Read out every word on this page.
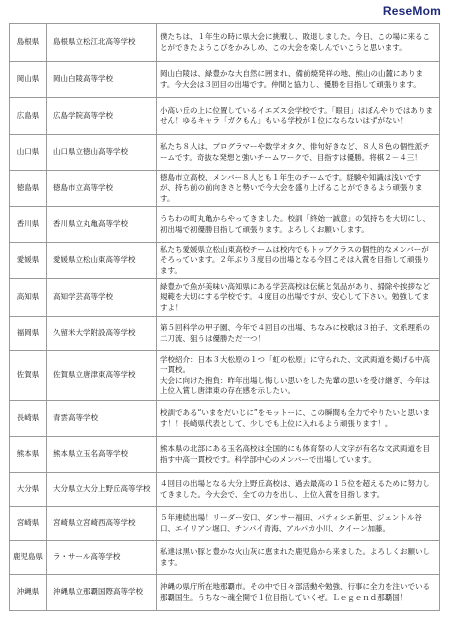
ReseMom
島根県	島根県立松江北高等学校	僕たちは、１年生の時に県大会に挑戦し、敗退しました。今日、この場に来ることができたようこびをかみしめ、この大会を楽しんでいこうと思います。
岡山県	岡山白陵高等学校	岡山白陵は、緑豊かな大自然に囲まれ、備前焼発祥の地、熊山の山麓にあります。今大会は３回目の出場です。仲間と協力し、優勝を目指して頑張ります。
広島県	広島学院高等学校	小高い丘の上に位置しているイエズス会学校です。「眼目」はぼんやりではありません！ゆるキャラ「ガクもん」もいる学校が１位にならないはずがない！
山口県	山口県立徳山高等学校	私たち８人は、プログラマーや数学オタク、俳句好きなど、８人８色の個性派チームです。奇抜な発想と強いチームワークで、目指すは優勝。将棋２－４三！
徳島県	徳島市立高等学校	徳島市立高校、メンバー８人とも１年生のチームです。経験や知識は浅いですが、持ち前の前向きさと勢いで今大会を盛り上げることができるよう頑張ります。
香川県	香川県立丸亀高等学校	うちわの町丸亀からやってきました。校訓「終始一誠意」の気持ちを大切にし、初出場で初優勝目指して頑張ります。よろしくお願いします。
愛媛県	愛媛県立松山東高等学校	私たち愛媛県立松山東高校チームは校内でもトップクラスの個性的なメンバーがそろっています。２年ぶり３度目の出場となる今回こそは入賞を目指して頑張ります。
高知県	高知学芸高等学校	緑豊かで魚が美味い高知県にある学芸高校は伝統と気品があり、掃除や挨拶など規範を大切にする学校です。４度目の出場ですが、安心して下さい。勉強してますよ！
福岡県	久留米大学附設高等学校	第５回科学の甲子園、今年で４回目の出場、ちなみに校歌は３拍子、文系理系の二刀流、狙うは優勝ただ一つ！
佐賀県	佐賀県立唐津東高等学校	学校紹介：日本３大松原の１つ「虹の松原」に守られた、文武両道を掲げる中高一貫校。
大会に向けた抱負：昨年出場し悔しい思いをした先輩の思いを受け継ぎ、今年は上位入賞し唐津東の存在感を示したい。
長崎県	青雲高等学校	校訓である“いまをだいじに”をモットーに、この瞬間も全力でやりたいと思います！！長崎県代表として、少しでも上位に入れるよう頑張ります！。
熊本県	熊本県立玉名高等学校	熊本県の北部にある玉名高校は全国的にも体育祭の人文字が有名な文武両道を目指す中高一貫校です。科学部中心のメンバーで出場しています。
大分県	大分県立大分上野丘高等学校	４回目の出場となる大分上野丘高校は、過去最高の１５位を超えるために努力してきました。今大会で、全ての力を出し、上位入賞を目指します。
宮崎県	宮崎県立宮崎西高等学校	５年連続出場！リーダー安口、ダンサー福田、パティシエ新里、ジェントル谷口、エイリアン堀口、チンパイ青海、アルパカ小川、クイーン加藤。
鹿児島県	ラ・サール高等学校	私達は黒い豚と豊かな火山灰に恵まれた鹿児島から来ました。よろしくお願いします。
沖縄県	沖縄県立那覇国際高等学校	沖縄の県庁所在地那覇市。その中で日々部活動や勉強、行事に全力を注いでいる那覇国生。うちな～魂全開で１位目指していくぜ。Ｌｅｇｅｎｄ那覇国！
